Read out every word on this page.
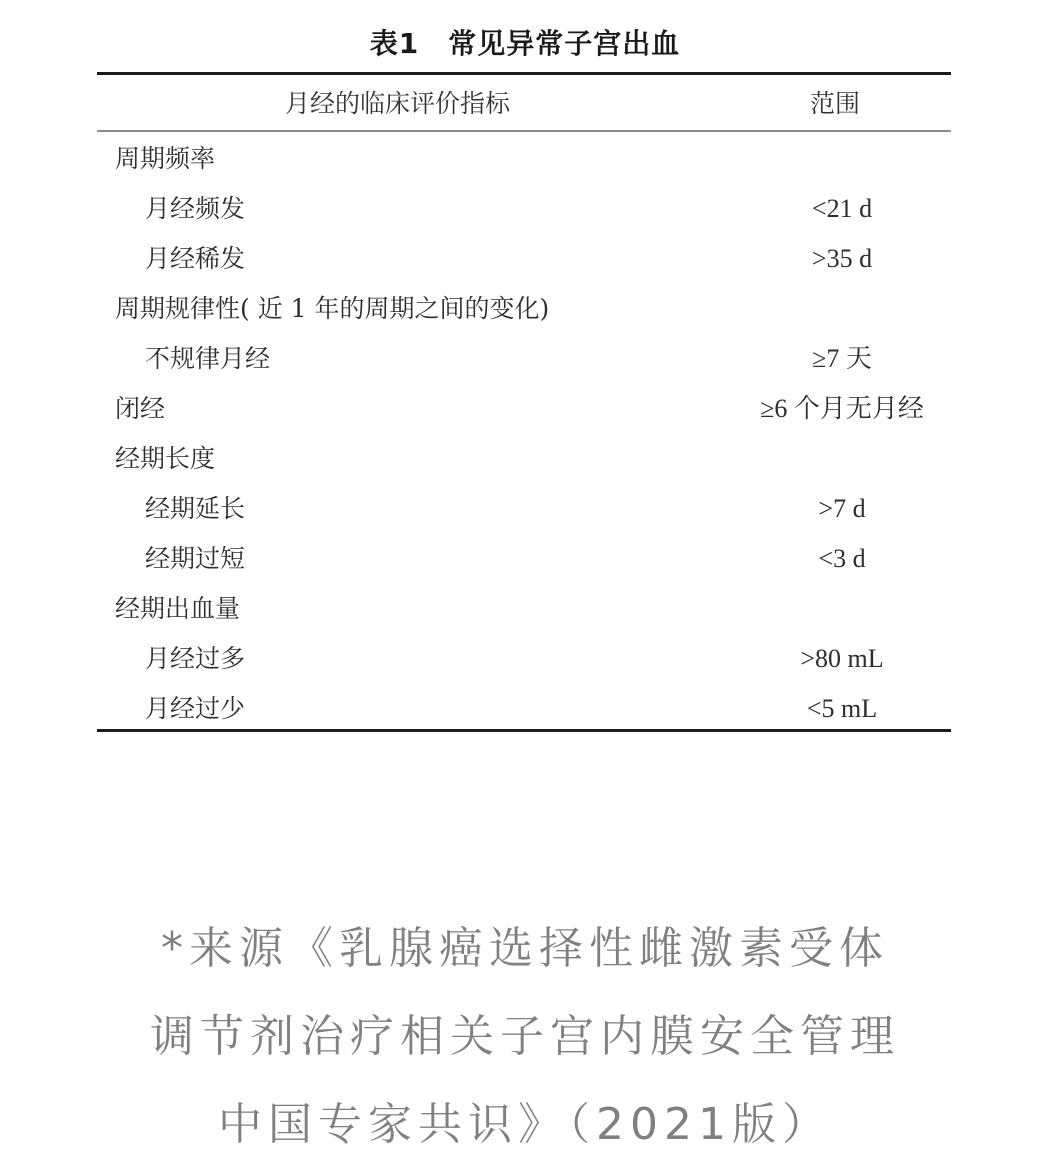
表1　常见异常子宫出血
月经的临床评价指标	范围
周期频率
月经频发	<21 d
月经稀发	>35 d
周期规律性( 近 1 年的周期之间的变化)
不规律月经	≥7 天
闭经	≥6 个月无月经
经期长度
经期延长	>7 d
经期过短	<3 d
经期出血量
月经过多	>80 mL
月经过少	<5 mL
*来源《乳腺癌选择性雌激素受体
调节剂治疗相关子宫内膜安全管理
中国专家共识》（2021版）
